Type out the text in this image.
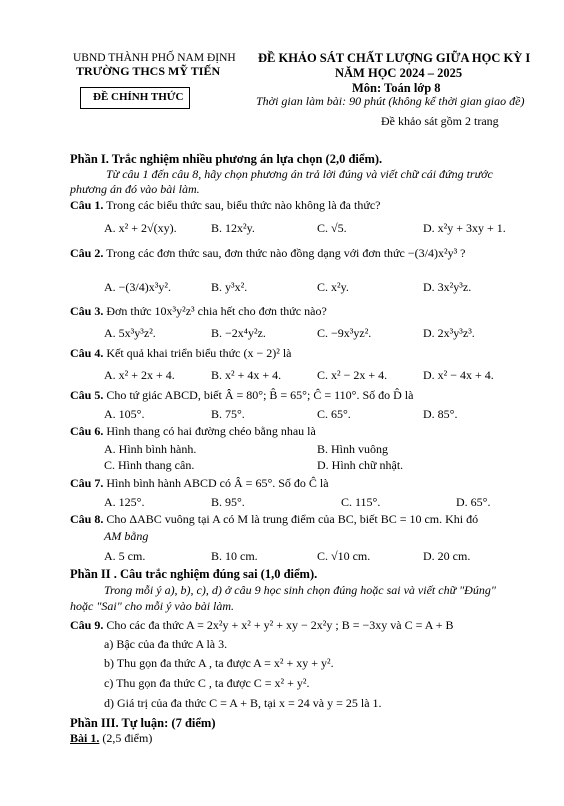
UBND THÀNH PHỐ NAM ĐỊNH
TRƯỜNG THCS MỸ TIẾN
ĐỀ CHÍNH THỨC
ĐỀ KHẢO SÁT CHẤT LƯỢNG GIỮA HỌC KỲ I
NĂM HỌC 2024 – 2025
Môn: Toán lớp 8
Thời gian làm bài: 90 phút (không kể thời gian giao đề)
Đề khảo sát gồm 2 trang
Phần I. Trắc nghiệm nhiều phương án lựa chọn (2,0 điểm).
Từ câu 1 đến câu 8, hãy chọn phương án trả lời đúng và viết chữ cái đứng trước
phương án đó vào bài làm.
Câu 1. Trong các biểu thức sau, biểu thức nào không là đa thức?
A. x² + 2√(xy).	B. 12x²y.	C. √5.	D. x²y + 3xy + 1.
Câu 2. Trong các đơn thức sau, đơn thức nào đồng dạng với đơn thức −(3/4)x²y³ ?
A. −(3/4)x³y².	B. y³x².	C. x²y.	D. 3x²y³z.
Câu 3. Đơn thức 10x³y²z³ chia hết cho đơn thức nào?
A. 5x³y³z².	B. −2x⁴y²z.	C. −9x³yz².	D. 2x³y³z³.
Câu 4. Kết quả khai triển biểu thức (x − 2)² là
A. x² + 2x + 4.	B. x² + 4x + 4.	C. x² − 2x + 4.	D. x² − 4x + 4.
Câu 5. Cho tứ giác ABCD, biết Â = 80°; B̂ = 65°; Ĉ = 110°. Số đo D̂ là
A. 105°.	B. 75°.	C. 65°.	D. 85°.
Câu 6. Hình thang có hai đường chéo bằng nhau là
A. Hình bình hành.	B. Hình vuông
C. Hình thang cân.	D. Hình chữ nhật.
Câu 7. Hình bình hành ABCD có Â = 65°. Số đo Ĉ là
A. 125°.	B. 95°.	C. 115°.	D. 65°.
Câu 8. Cho ΔABC vuông tại A có M là trung điểm của BC, biết BC = 10 cm. Khi đó
AM bằng
A. 5 cm.	B. 10 cm.	C. √10 cm.	D. 20 cm.
Phần II . Câu trắc nghiệm đúng sai (1,0 điểm).
Trong mỗi ý a), b), c), d) ở câu 9 học sinh chọn đúng hoặc sai và viết chữ "Đúng"
hoặc "Sai" cho mỗi ý vào bài làm.
Câu 9. Cho các đa thức A = 2x²y + x² + y² + xy − 2x²y ; B = −3xy và C = A + B
a) Bậc của đa thức A là 3.
b) Thu gọn đa thức A , ta được A = x² + xy + y².
c) Thu gọn đa thức C , ta được C = x² + y².
d) Giá trị của đa thức C = A + B, tại x = 24 và y = 25 là 1.
Phần III. Tự luận: (7 điểm)
Bài 1. (2,5 điểm)
